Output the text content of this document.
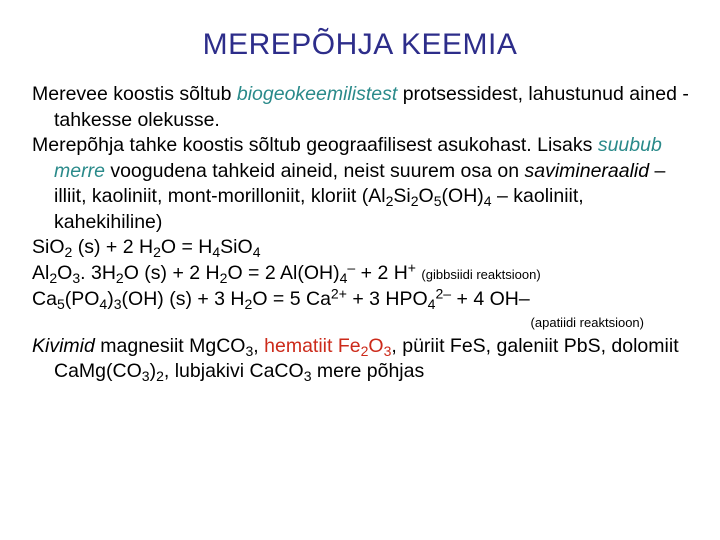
MEREPÕHJA KEEMIA

Merevee koostis sõltub biogeokeemilistest protsessidest, lahustunud ained - tahkesse olekusse.

Merepõhja tahke koostis sõltub geograafilisest asukohast. Lisaks suubub merre voogudena tahkeid aineid, neist suurem osa on savimineraalid – illiit, kaoliniit, mont-morilloniit, kloriit ($Al_2Si_2O_5(OH)_4$ – kaoliniit, kahekihiline)

SiO$_2$ (s) + 2 $H_2O = H_4SiO_4$

$Al_2O_3$. $3H_2O$ (s) + 2 $H_2O = 2$ $Al(OH)_4^- + 2$ H+ (gibbsiidi reaktsioon)

$Ca_5(PO_4)_3(OH) (s) + 3$ $H_2O = 5$ $Ca^{2+} + 3$ $HPO_4^{2-} + 4$ OH–

(apatiidi reaktsioon)

Kivimid magnesiit MgCO$_3$, hematiit $Fe_2O_3$, püriit FeS, galeniit PbS, dolomiit $CaMg(CO_3)_2$, lubjakivi CaCO$_3$ mere põhjas
